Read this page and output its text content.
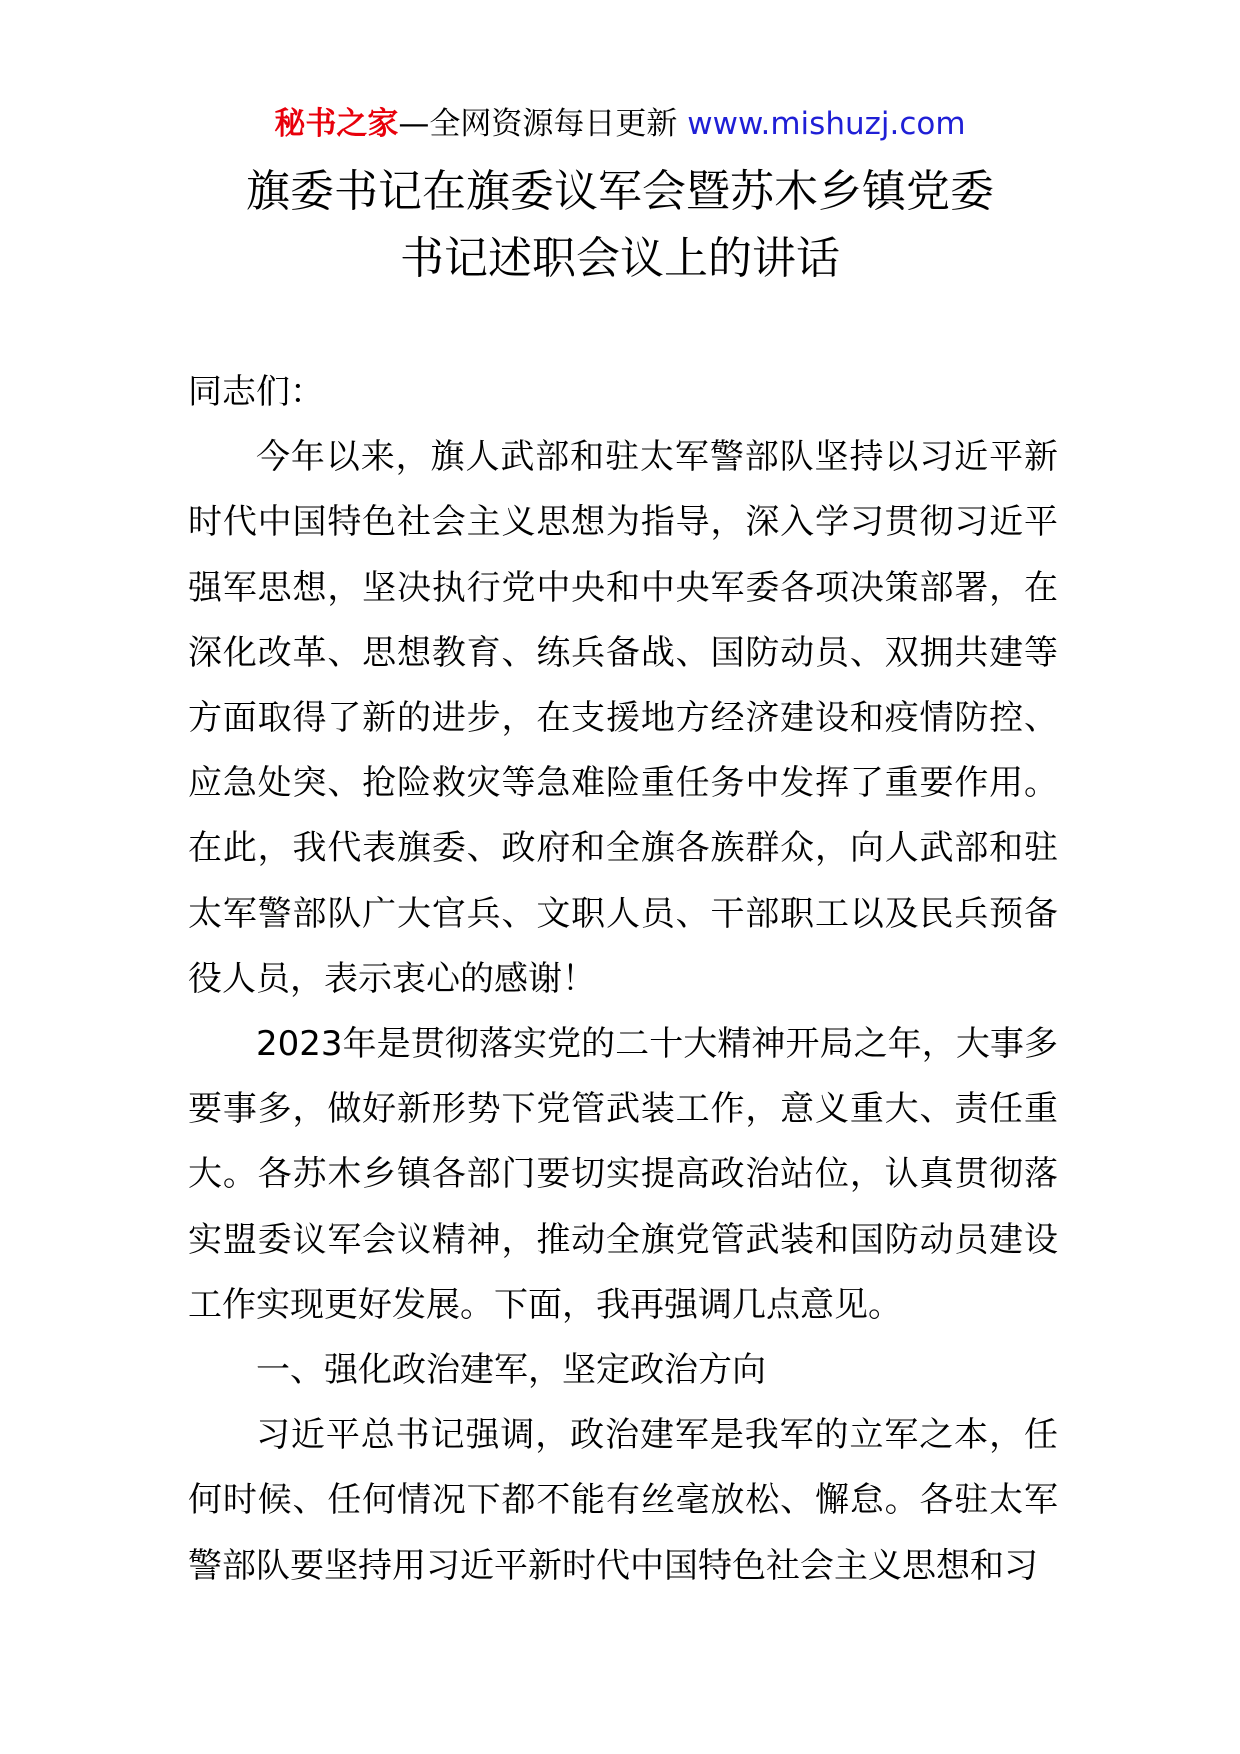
秘书之家—全网资源每日更新 www.mishuzj.com
旗委书记在旗委议军会暨苏木乡镇党委
书记述职会议上的讲话

同志们：

今年以来，旗人武部和驻太军警部队坚持以习近平新时代中国特色社会主义思想为指导，深入学习贯彻习近平强军思想，坚决执行党中央和中央军委各项决策部署，在深化改革、思想教育、练兵备战、国防动员、双拥共建等方面取得了新的进步，在支援地方经济建设和疫情防控、应急处突、抢险救灾等急难险重任务中发挥了重要作用。在此，我代表旗委、政府和全旗各族群众，向人武部和驻太军警部队广大官兵、文职人员、干部职工以及民兵预备役人员，表示衷心的感谢！

2023年是贯彻落实党的二十大精神开局之年，大事多要事多，做好新形势下党管武装工作，意义重大、责任重大。各苏木乡镇各部门要切实提高政治站位，认真贯彻落实盟委议军会议精神，推动全旗党管武装和国防动员建设工作实现更好发展。下面，我再强调几点意见。

一、强化政治建军，坚定政治方向

习近平总书记强调，政治建军是我军的立军之本，任何时候、任何情况下都不能有丝毫放松、懈怠。各驻太军警部队要坚持用习近平新时代中国特色社会主义思想和习
